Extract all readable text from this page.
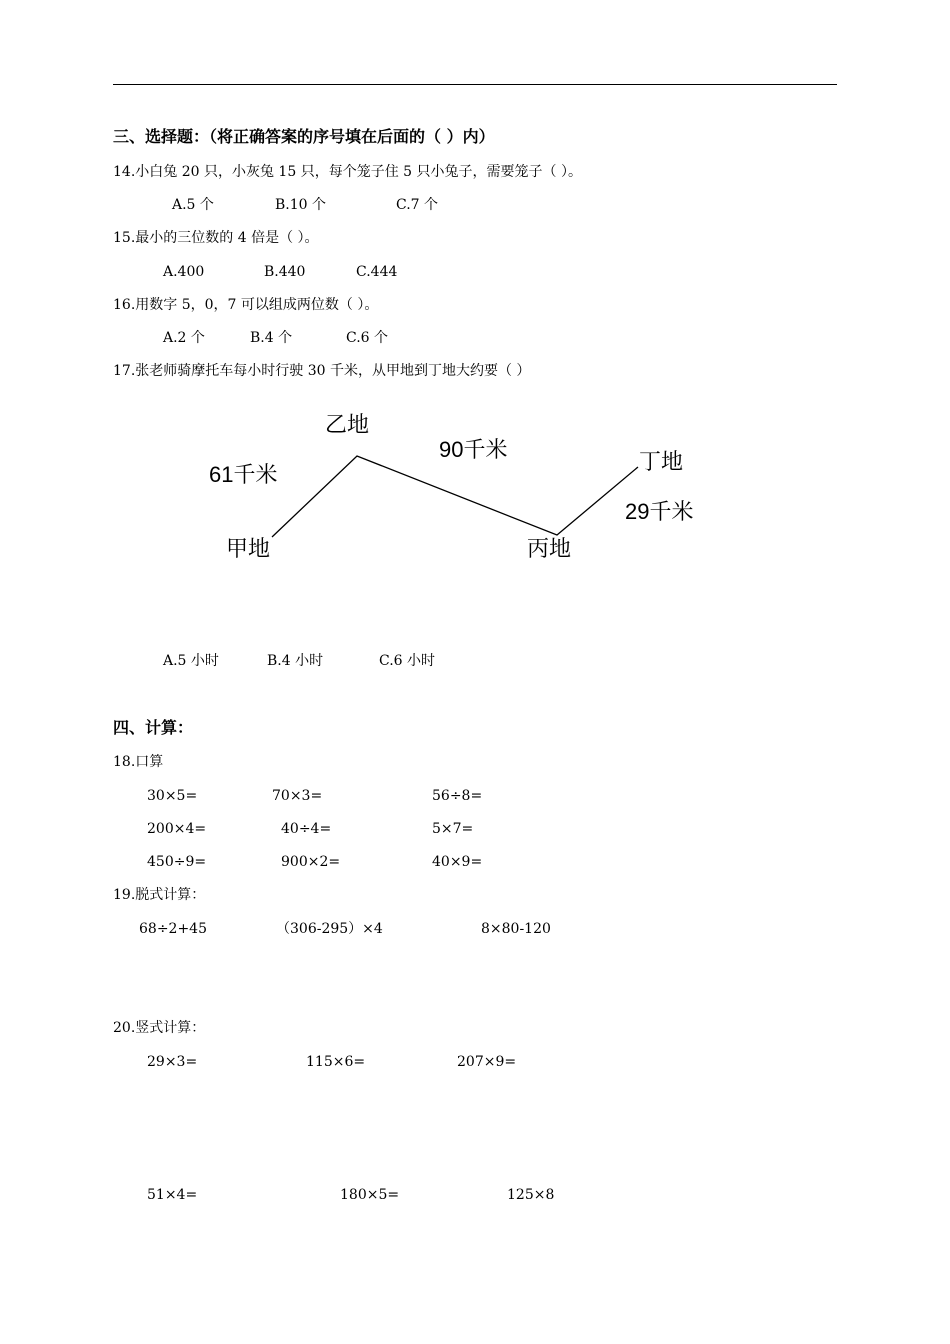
三、选择题：（将正确答案的序号填在后面的（ ）内）
14.小白兔 20 只，小灰兔 15 只，每个笼子住 5 只小兔子，需要笼子（ ）。
A.5 个	B.10 个	C.7 个
15.最小的三位数的 4 倍是（ ）。
A.400	B.440	C.444
16.用数字 5，0，7 可以组成两位数（ ）。
A.2 个	B.4 个	C.6 个
17.张老师骑摩托车每小时行驶 30 千米，从甲地到丁地大约要（ ）
乙地
90千米	丁地
61千米
29千米
甲地	丙地
A.5 小时	B.4 小时	C.6 小时
四、计算：
18.口算
30×5=	70×3=	56÷8=
200×4=	40÷4=	5×7=
450÷9=	900×2=	40×9=
19.脱式计算：
68÷2+45	（306-295）×4	8×80-120
20.竖式计算：
29×3=	115×6=	207×9=
51×4=	180×5=	125×8
